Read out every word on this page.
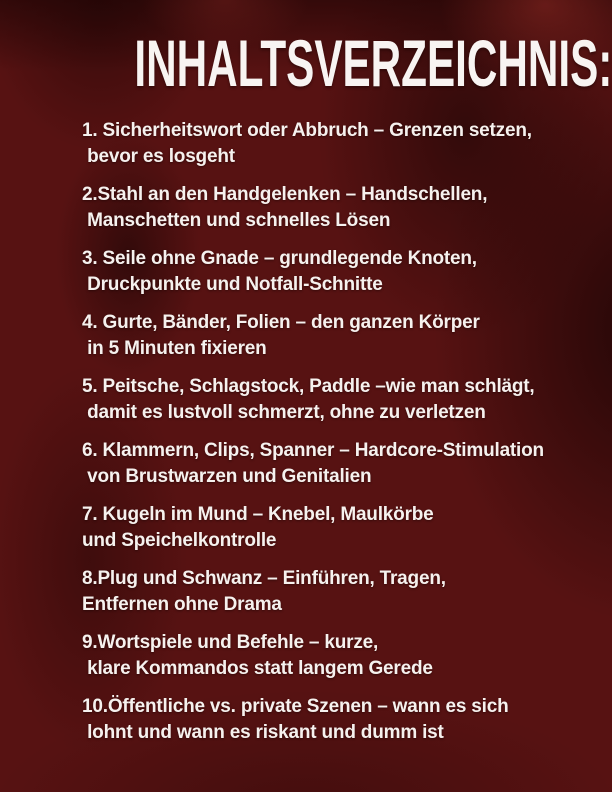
INHALTSVERZEICHNIS:
1. Sicherheitswort oder Abbruch – Grenzen setzen,
bevor es losgeht
2.Stahl an den Handgelenken – Handschellen,
Manschetten und schnelles Lösen
3. Seile ohne Gnade – grundlegende Knoten,
Druckpunkte und Notfall-Schnitte
4. Gurte, Bänder, Folien – den ganzen Körper
in 5 Minuten fixieren
5. Peitsche, Schlagstock, Paddle –wie man schlägt,
damit es lustvoll schmerzt, ohne zu verletzen
6. Klammern, Clips, Spanner – Hardcore-Stimulation
von Brustwarzen und Genitalien
7. Kugeln im Mund – Knebel, Maulkörbe
und Speichelkontrolle
8.Plug und Schwanz – Einführen, Tragen,
Entfernen ohne Drama
9.Wortspiele und Befehle – kurze,
klare Kommandos statt langem Gerede
10.Öffentliche vs. private Szenen – wann es sich
lohnt und wann es riskant und dumm ist
